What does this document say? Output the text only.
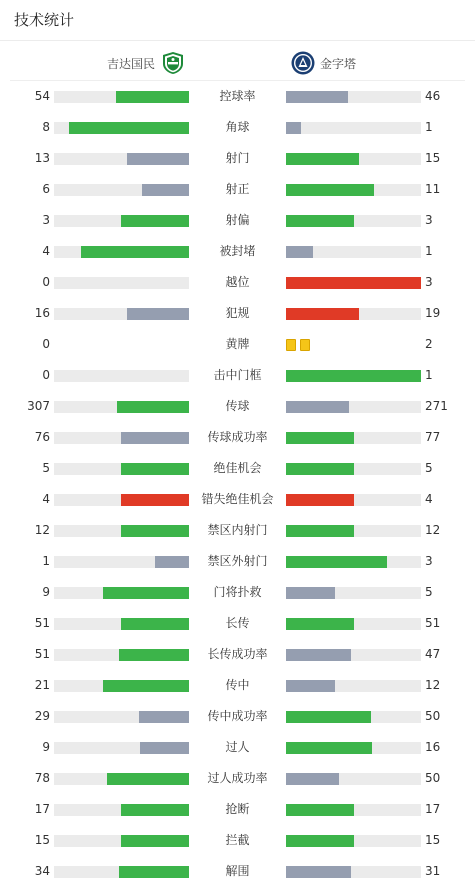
技术统计
吉达国民	金字塔
54	控球率	46
8	角球	1
13	射门	15
6	射正	11
3	射偏	3
4	被封堵	1
0	越位	3
16	犯规	19
0	黄牌	2
0	击中门框	1
307	传球	271
76	传球成功率	77
5	绝佳机会	5
4	错失绝佳机会	4
12	禁区内射门	12
1	禁区外射门	3
9	门将扑救	5
51	长传	51
51	长传成功率	47
21	传中	12
29	传中成功率	50
9	过人	16
78	过人成功率	50
17	抢断	17
15	拦截	15
34	解围	31
